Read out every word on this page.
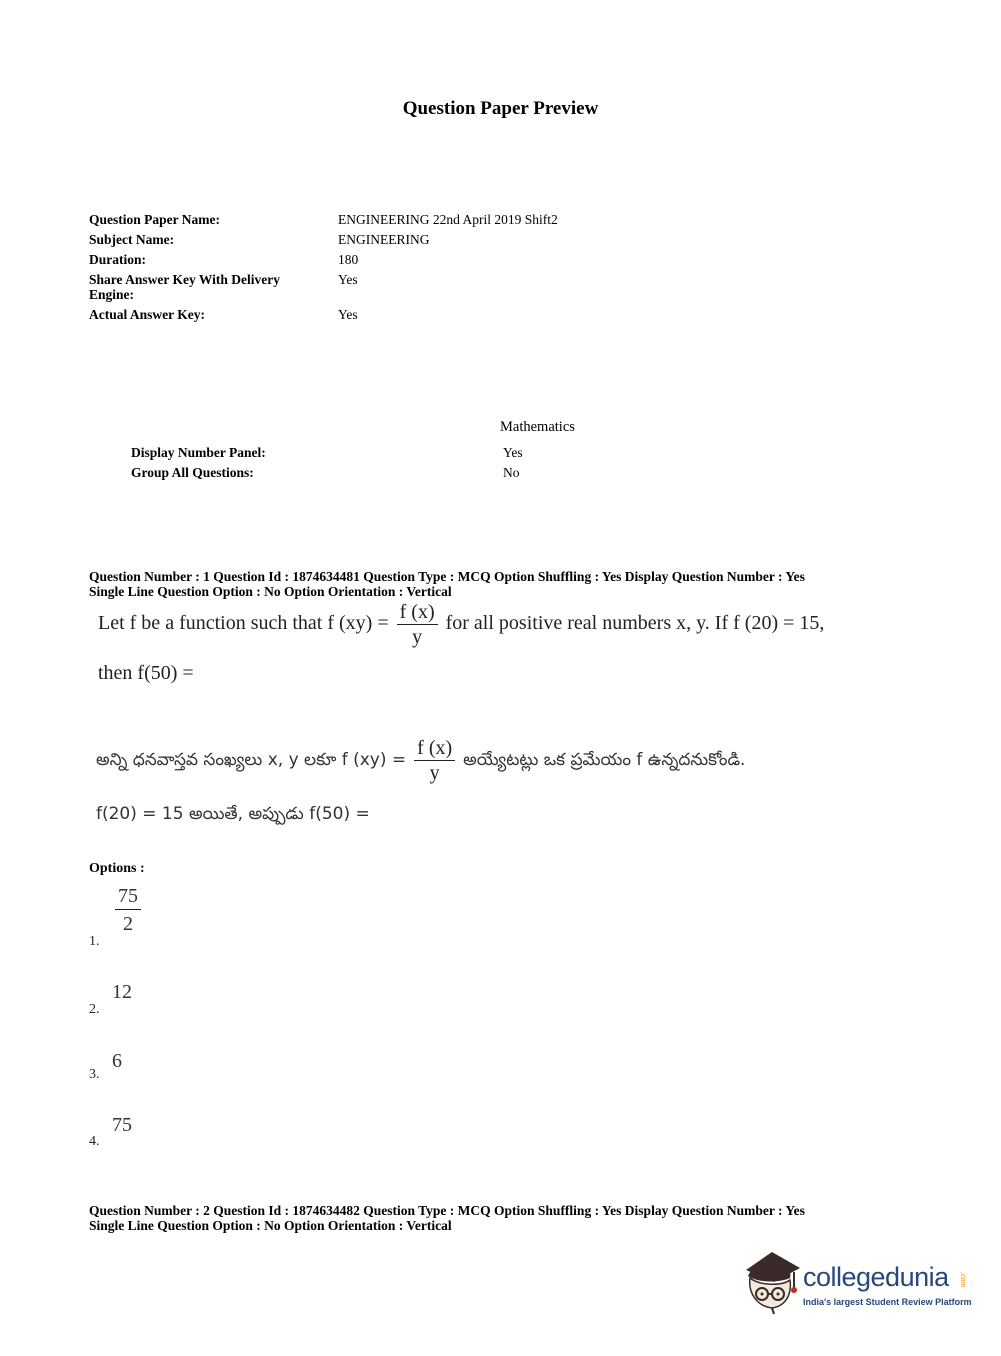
Question Paper Preview
Question Paper Name:	ENGINEERING 22nd April 2019 Shift2
Subject Name:	ENGINEERING
Duration:	180
Share Answer Key With Delivery Engine:
Yes
Actual Answer Key:	Yes
Mathematics
Display Number Panel:	Yes
Group All Questions:	No
Question Number : 1 Question Id : 1874634481 Question Type : MCQ Option Shuffling : Yes Display Question Number : Yes
Single Line Question Option : No Option Orientation : Vertical
Let f be a function such that f $(xy) = \frac{f (x)}{y}$ for all positive real numbers x, y. If f (20) = 15,
then f(50) =
అన్ని ధనవాస్తవ సంఖ్యలు x, y లకూ f $(xy) = \frac{f (x)}{y}$ అయ్యేటట్లు ఒక ప్రమేయం f ఉన్నదనుకోండి.
f(20) = 15 అయితే, అప్పుడు f(50) =
Options :
$\frac{75}{2}$
1.
12
2.
6
3.
75
4.
Question Number : 2 Question Id : 1874634482 Question Type : MCQ Option Shuffling : Yes Display Question Number : Yes
Single Line Question Option : No Option Orientation : Vertical
collegedunia .com
India's largest Student Review Platform
